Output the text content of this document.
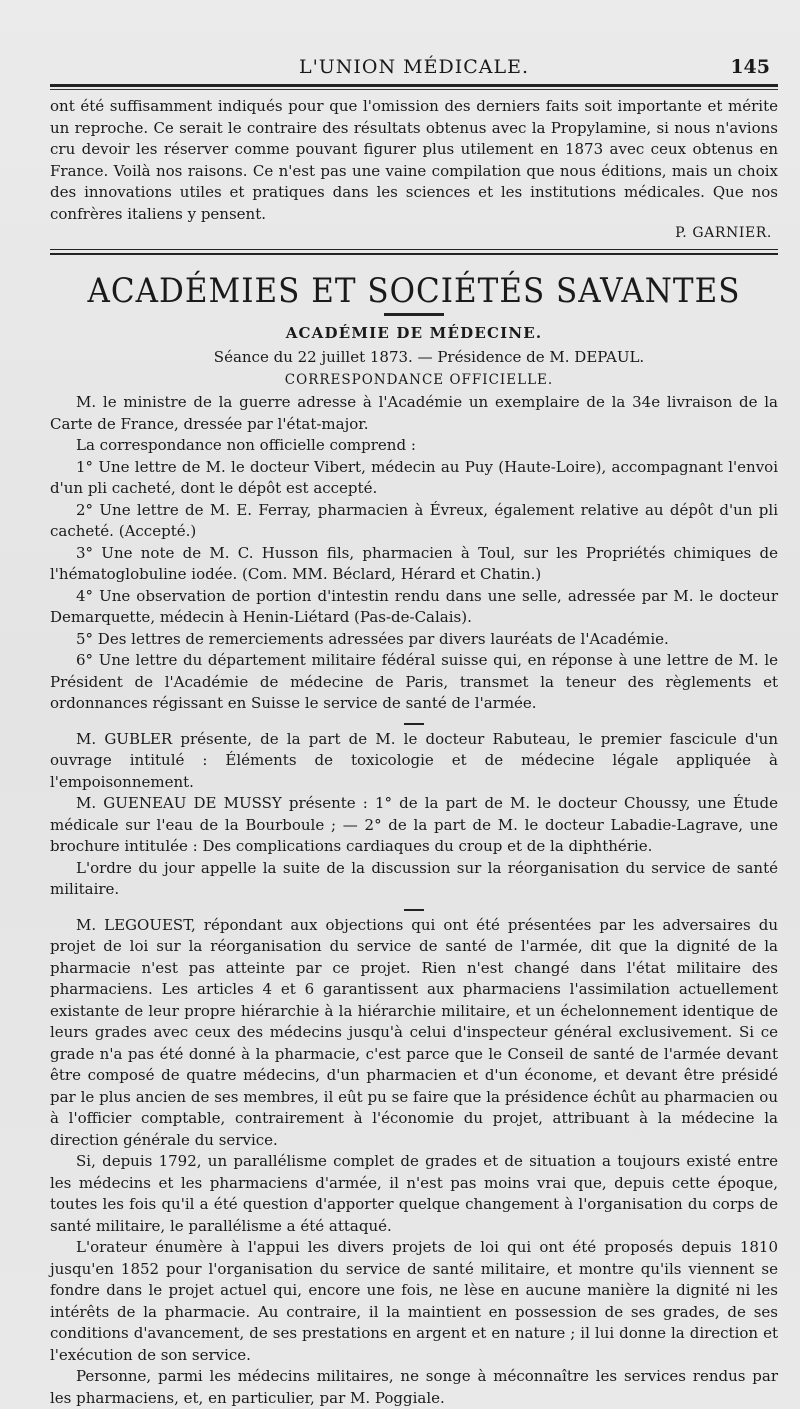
L'UNION MÉDICALE.	145

ont été suffisamment indiqués pour que l'omission des derniers faits soit importante et mérite un reproche. Ce serait le contraire des résultats obtenus avec la Propylamine, si nous n'avions cru devoir les réserver comme pouvant figurer plus utilement en 1873 avec ceux obtenus en France. Voilà nos raisons. Ce n'est pas une vaine compilation que nous éditions, mais un choix des innovations utiles et pratiques dans les sciences et les institutions médicales. Que nos confrères italiens y pensent.

P. GARNIER.
ACADÉMIES ET SOCIÉTÉS SAVANTES
ACADÉMIE DE MÉDECINE.
Séance du 22 juillet 1873. — Présidence de M. DEPAUL.
CORRESPONDANCE OFFICIELLE.

M. le ministre de la guerre adresse à l'Académie un exemplaire de la 34e livraison de la Carte de France, dressée par l'état-major.

La correspondance non officielle comprend :

1° Une lettre de M. le docteur Vibert, médecin au Puy (Haute-Loire), accompagnant l'envoi d'un pli cacheté, dont le dépôt est accepté.

2° Une lettre de M. E. Ferray, pharmacien à Évreux, également relative au dépôt d'un pli cacheté. (Accepté.)

3° Une note de M. C. Husson fils, pharmacien à Toul, sur les Propriétés chimiques de l'hématoglobuline iodée. (Com. MM. Béclard, Hérard et Chatin.)

4° Une observation de portion d'intestin rendu dans une selle, adressée par M. le docteur Demarquette, médecin à Henin-Liétard (Pas-de-Calais).

5° Des lettres de remerciements adressées par divers lauréats de l'Académie.

6° Une lettre du département militaire fédéral suisse qui, en réponse à une lettre de M. le Président de l'Académie de médecine de Paris, transmet la teneur des règlements et ordonnances régissant en Suisse le service de santé de l'armée.

M. GUBLER présente, de la part de M. le docteur Rabuteau, le premier fascicule d'un ouvrage intitulé : Éléments de toxicologie et de médecine légale appliquée à l'empoisonnement.

M. GUENEAU DE MUSSY présente : 1° de la part de M. le docteur Choussy, une Étude médicale sur l'eau de la Bourboule ; — 2° de la part de M. le docteur Labadie-Lagrave, une brochure intitulée : Des complications cardiaques du croup et de la diphthérie.

L'ordre du jour appelle la suite de la discussion sur la réorganisation du service de santé militaire.

M. LEGOUEST, répondant aux objections qui ont été présentées par les adversaires du projet de loi sur la réorganisation du service de santé de l'armée, dit que la dignité de la pharmacie n'est pas atteinte par ce projet. Rien n'est changé dans l'état militaire des pharmaciens. Les articles 4 et 6 garantissent aux pharmaciens l'assimilation actuellement existante de leur propre hiérarchie à la hiérarchie militaire, et un échelonnement identique de leurs grades avec ceux des médecins jusqu'à celui d'inspecteur général exclusivement. Si ce grade n'a pas été donné à la pharmacie, c'est parce que le Conseil de santé de l'armée devant être composé de quatre médecins, d'un pharmacien et d'un économe, et devant être présidé par le plus ancien de ses membres, il eût pu se faire que la présidence échût au pharmacien ou à l'officier comptable, contrairement à l'économie du projet, attribuant à la médecine la direction générale du service.

Si, depuis 1792, un parallélisme complet de grades et de situation a toujours existé entre les médecins et les pharmaciens d'armée, il n'est pas moins vrai que, depuis cette époque, toutes les fois qu'il a été question d'apporter quelque changement à l'organisation du corps de santé militaire, le parallélisme a été attaqué.

L'orateur énumère à l'appui les divers projets de loi qui ont été proposés depuis 1810 jusqu'en 1852 pour l'organisation du service de santé militaire, et montre qu'ils viennent se fondre dans le projet actuel qui, encore une fois, ne lèse en aucune manière la dignité ni les intérêts de la pharmacie. Au contraire, il la maintient en possession de ses grades, de ses conditions d'avancement, de ses prestations en argent et en nature ; il lui donne la direction et l'exécution de son service.

Personne, parmi les médecins militaires, ne songe à méconnaître les services rendus par les pharmaciens, et, en particulier, par M. Poggiale.
